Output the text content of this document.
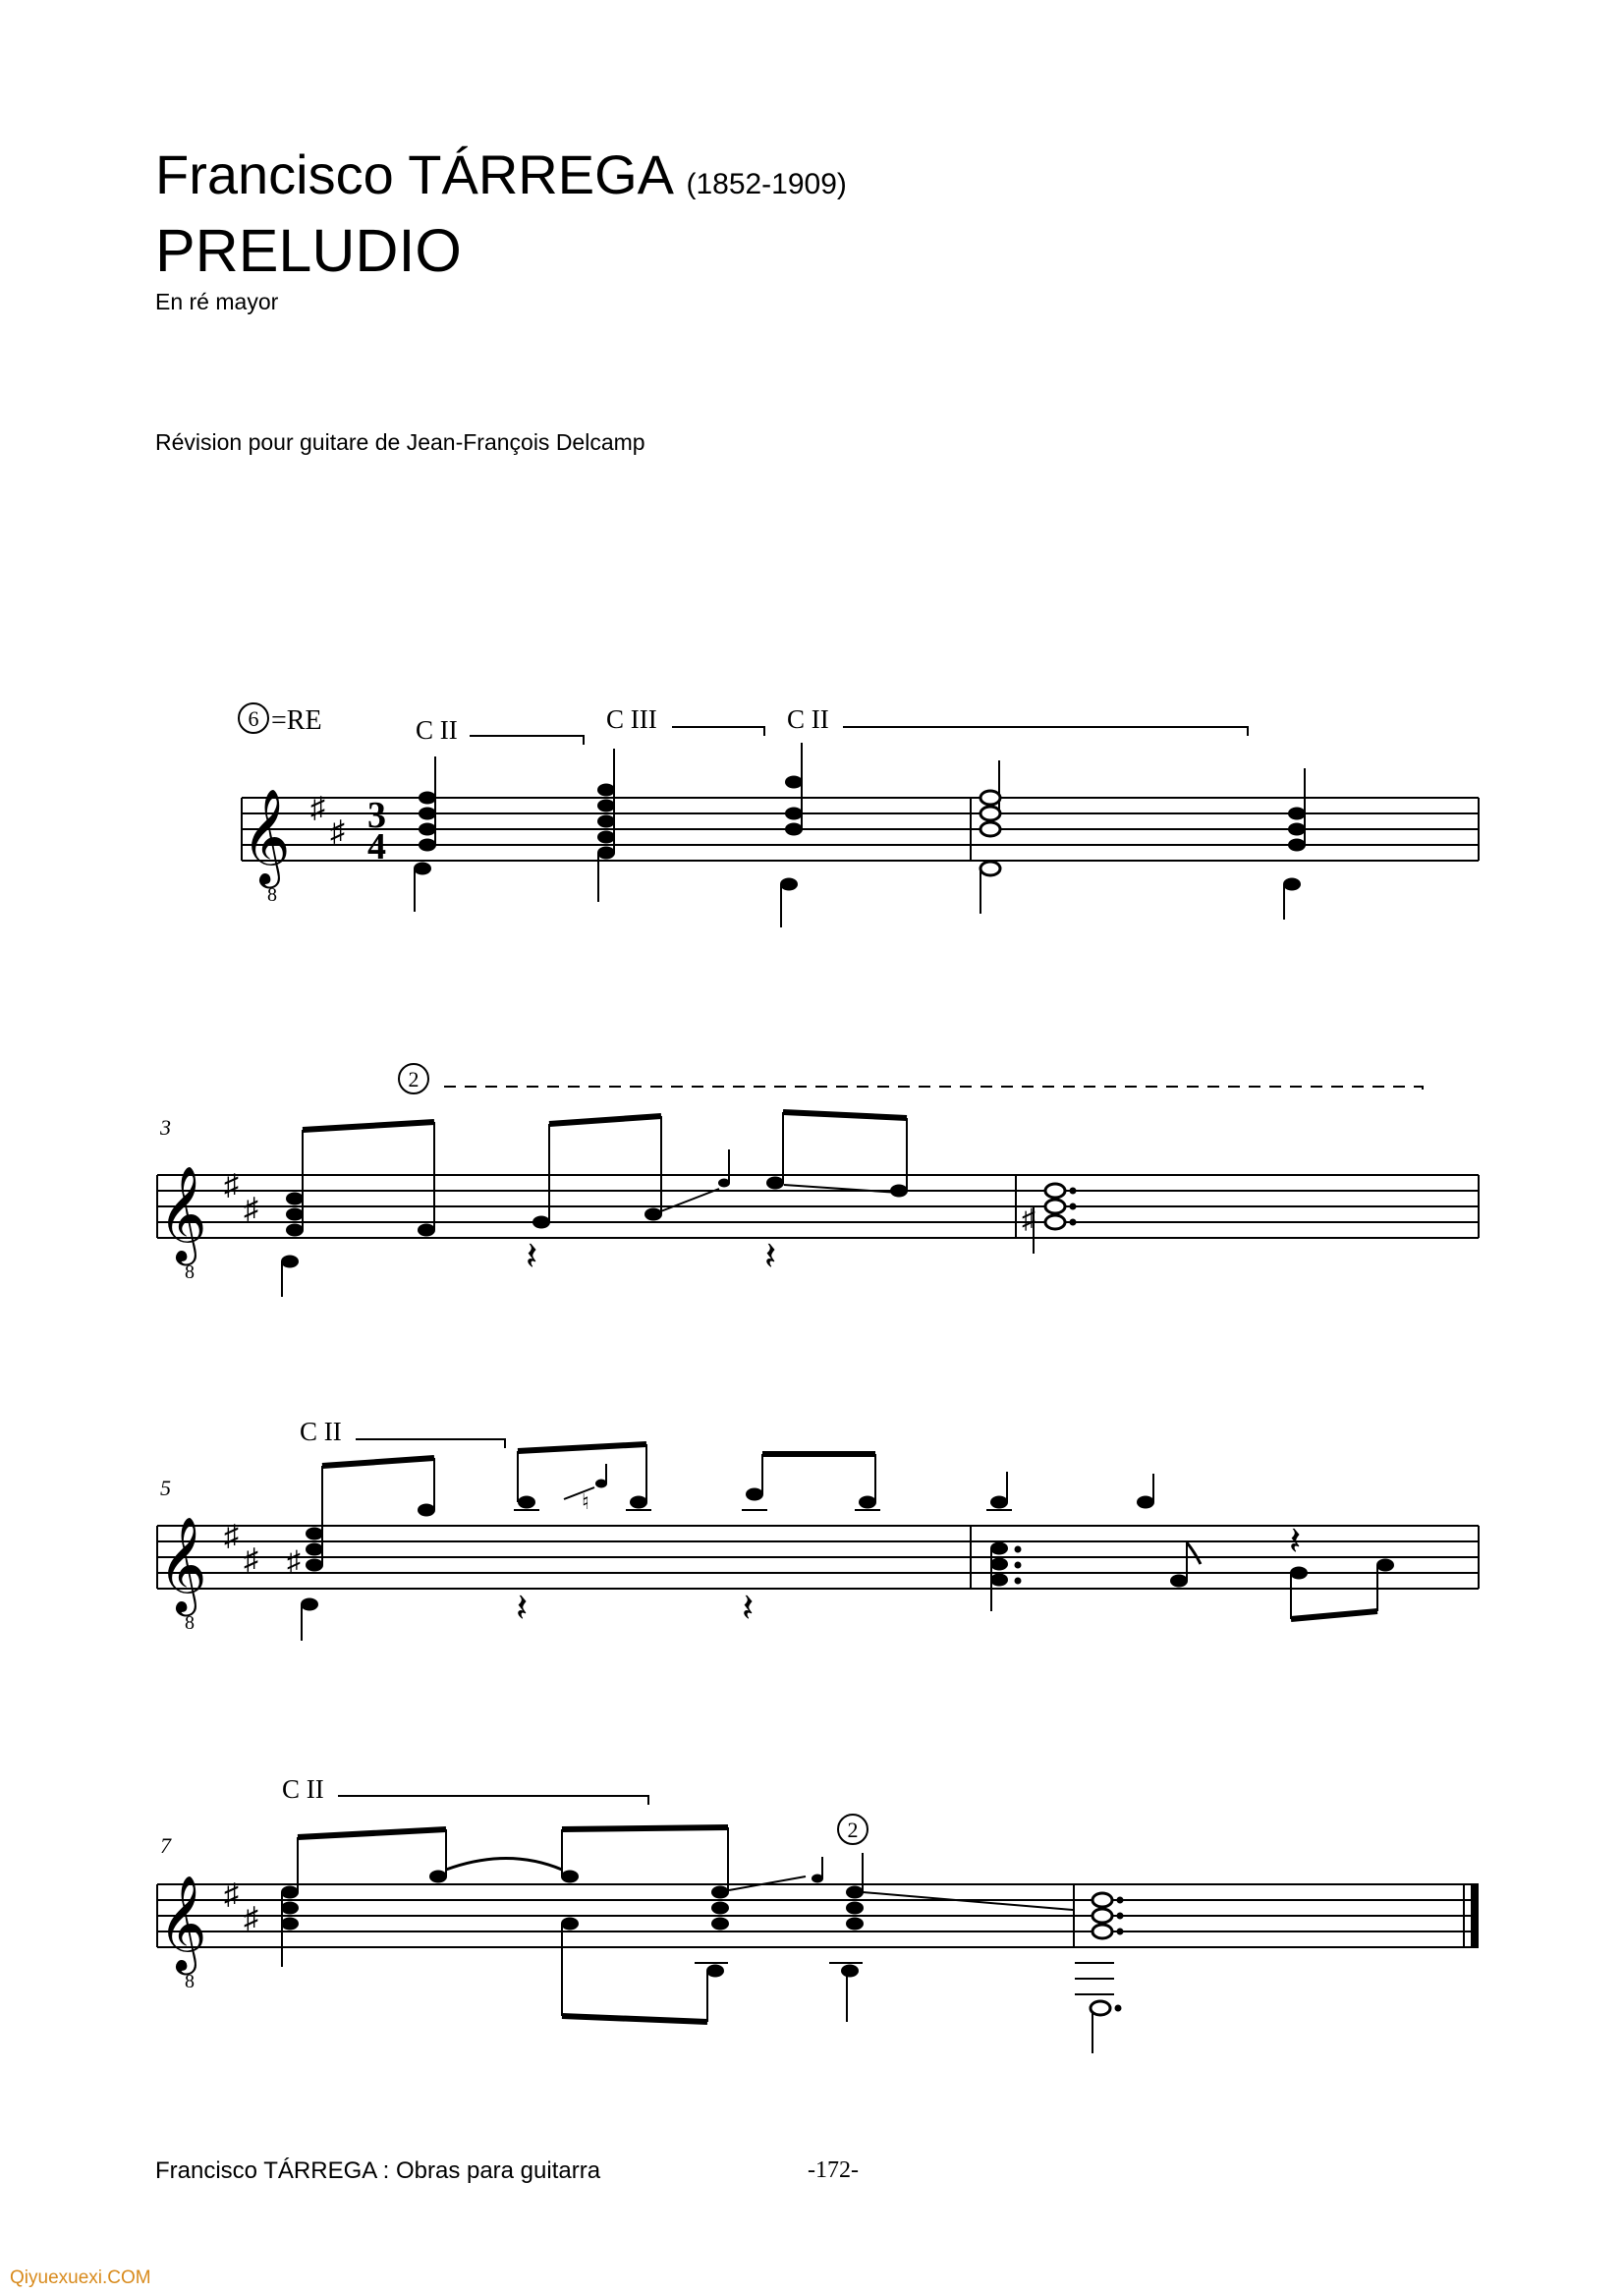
Francisco TÁRREGA (1852-1909)
PRELUDIO
En ré mayor
Révision pour guitare de Jean-François Delcamp
6 =RE	C II	C III	C II
𝄞
8
♯
♯ 3
4
3
2
𝄞
8
♯
♯	♯
𝄽	𝄽
5
C II
𝄞
8
♯
♯
♮
♯
𝄽	𝄽
𝄽
7
C II
2
𝄞
8
♯
♯
Francisco TÁRREGA : Obras para guitarra	-172-
Qiyuexuexi.COM
